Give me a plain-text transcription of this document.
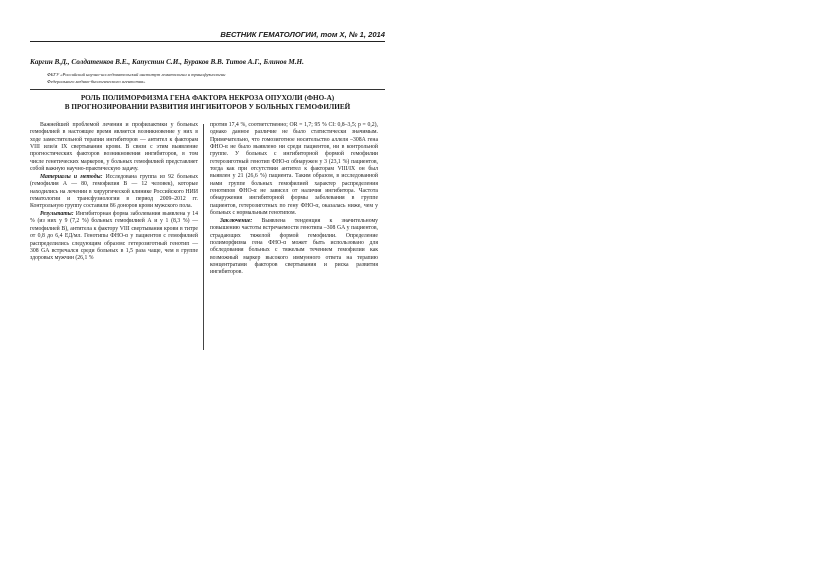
ВЕСТНИК ГЕМАТОЛОГИИ, том Х, № 1, 2014
Каргин В.Д., Солдатенков В.Е., Капустин С.И., Бураков В.В. Титов А.Г., Блинов М.Н.
ФБГУ «Российский научно-исследовательский институт гематологии и трансфузиологии
Федерального медико-биологического агентства»
РОЛЬ ПОЛИМОРФИЗМА ГЕНА ФАКТОРА НЕКРОЗА ОПУХОЛИ (ФНО-Α)
В ПРОГНОЗИРОВАНИИ РАЗВИТИЯ ИНГИБИТОРОВ У БОЛЬНЫХ ГЕМОФИЛИЕЙ

Важнейшей проблемой лечения и профилактики у больных гемофилией в настоящее время является возникновение у них в ходе заместительной терапии ингибиторов — антител к факторам VIII или/и IX свертывания крови. В связи с этим выявление прогностических факторов возникновения ингибиторов, в том числе генетических маркеров, у больных гемофилией представляет собой важную научно-практическую задачу.

Материалы и методы: Исследована группа из 92 больных (гемофилия А — 80, гемофилия В — 12 человек), которые находились на лечении в хирургической клинике Российского НИИ гематологии и трансфузиологии в период 2009–2012 гг. Контрольную группу составили 86 доноров крови мужского пола.

Результаты: Ингибиторная форма заболевания выявлена у 14 % (из них у 9 (7,2 %) больных гемофилией А и у 1 (8,3 %) — гемофилией В), антитела к фактору VIII свертывания крови в титре от 0,8 до 6,4 ЕД/мл. Генотипы ФНО-α у пациентов с гемофилией распределились следующим образом: гетерозиготный генотип — 308 GA встречался среди больных в 1,5 раза чаще, чем в группе здоровых мужчин (26,1 %

против 17,4 %, соответственно; OR = 1,7; 95 % CI: 0,8–3,5; p = 0,2), однако данное различие не было статистически значимым. Примечательно, что гомозиготное носительство аллеля –308A гена ФНО-α не было выявлено ни среди пациентов, ни в контрольной группе. У больных с ингибиторной формой гемофилии гетерозиготный генотип ФНО-α обнаружен у 3 (23,1 %) пациентов, тогда как при отсутствии антител к факторам VIII/IX он был выявлен у 21 (26,6 %) пациента. Таким образом, в исследованной нами группе больных гемофилией характер распределения генотипов ФНО-α не зависел от наличия ингибитора. Частота обнаружения ингибиторной формы заболевания в группе пациентов, гетерозиготных по гену ФНО-α, оказалась ниже, чем у больных с нормальным генотипом.

Заключение: Выявлена тенденция к значительному повышению частоты встречаемости генотипа –308 GA у пациентов, страдающих тяжелой формой гемофилии. Определение полиморфизма гена ФНО-α может быть использовано для обследования больных с тяжелым течением гемофилии как возможный маркер высокого иммунного ответа на терапию концентратами факторов свертывания и риска развития ингибиторов.
